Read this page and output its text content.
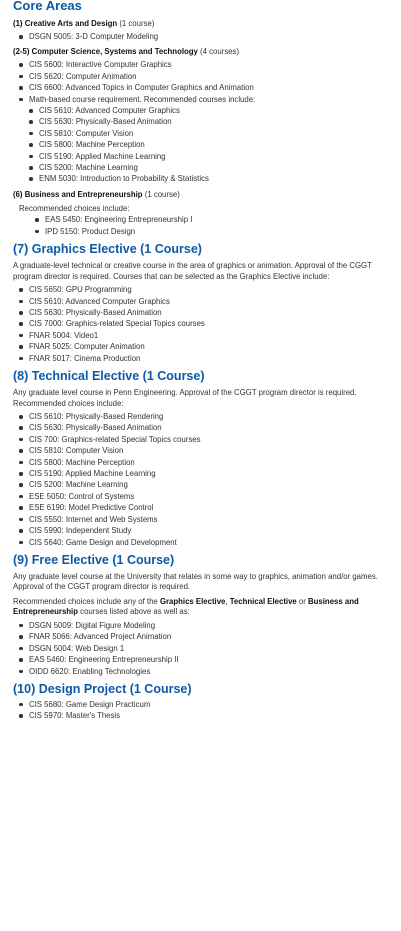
Core Areas
(1) Creative Arts and Design (1 course)
DSGN 5005: 3-D Computer Modeling
(2-5) Computer Science, Systems and Technology (4 courses)
CIS 5600: Interactive Computer Graphics
CIS 5620: Computer Animation
CIS 6600: Advanced Topics in Computer Graphics and Animation
Math-based course requirement. Recommended courses include:
CIS 5610: Advanced Computer Graphics
CIS 5630: Physically-Based Animation
CIS 5810: Computer Vision
CIS 5800: Machine Perception
CIS 5190: Applied Machine Learning
CIS 5200: Machine Learning
ENM 5030: Introduction to Probability & Statistics
(6) Business and Entrepreneurship (1 course)

Recommended choices include:

EAS 5450: Engineering Entrepreneurship I
IPD 5150: Product Design
(7) Graphics Elective (1 Course)

A graduate-level technical or creative course in the area of graphics or animation. Approval of the CGGT program director is required. Courses that can be selected as the Graphics Elective include:

CIS 5650: GPU Programming
CIS 5610: Advanced Computer Graphics
CIS 5630: Physically-Based Animation
CIS 7000: Graphics-related Special Topics courses
FNAR 5004: Video1
FNAR 5025: Computer Animation
FNAR 5017: Cinema Production
(8) Technical Elective (1 Course)

Any graduate level course in Penn Engineering. Approval of the CGGT program director is required. Recommended choices include:

CIS 5610: Physically-Based Rendering
CIS 5630: Physically-Based Animation
CIS 700: Graphics-related Special Topics courses
CIS 5810: Computer Vision
CIS 5800: Machine Perception
CIS 5190: Applied Machine Learning
CIS 5200: Machine Learning
ESE 5050: Control of Systems
ESE 6190: Model Predictive Control
CIS 5550: Internet and Web Systems
CIS 5990: Independent Study
CIS 5640: Game Design and Development
(9) Free Elective (1 Course)

Any graduate level course at the University that relates in some way to graphics, animation and/or games. Approval of the CGGT program director is required.

Recommended choices include any of the Graphics Elective, Technical Elective or Business and Entrepreneurship courses listed above as well as:

DSGN 5009: Digital Figure Modeling
FNAR 5066: Advanced Project Animation
DSGN 5004: Web Design 1
EAS 5460: Engineering Entrepreneurship II
OIDD 6620: Enabling Technologies
(10) Design Project (1 Course)
CIS 5680: Game Design Practicum
CIS 5970: Master's Thesis
